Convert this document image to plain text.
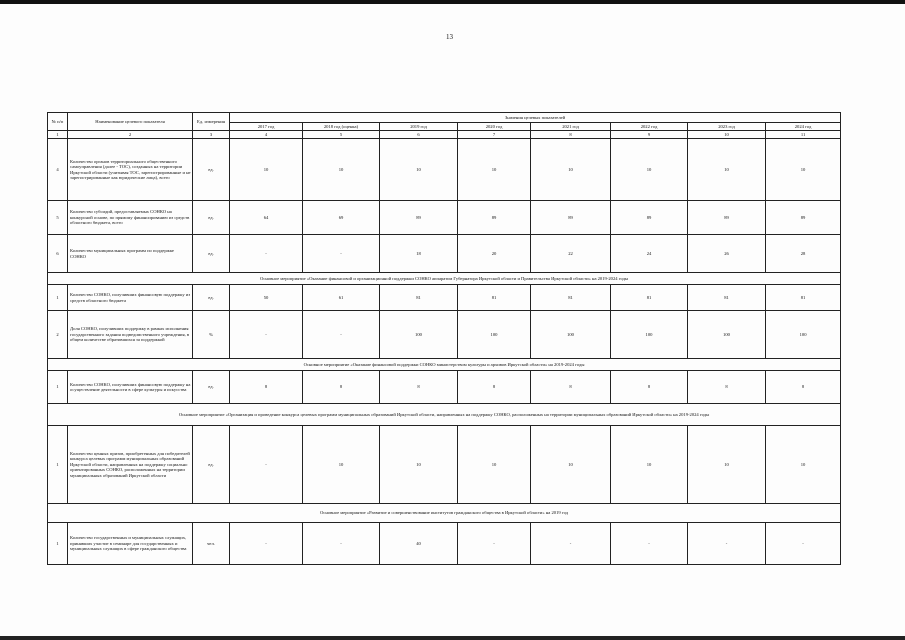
13
№ п/п	Наименование целевого показателя	Ед. измерения	Значения целевых показателей							
			2017 год	2018 год (оценка)	2019 год	2020 год	2021 год	2022 год	2023 год	2024 год
1	2	3	4	5	6	7	8	9	10	11
4	Количество органов территориального общественного самоуправления (далее - ТОС), созданных на территории Иркутской области (учитывая ТОС, зарегистрированные и не зарегистрированные как юридические лица), всего	ед.	10	10	10	10	10	10	10	10
5	Количество субсидий, предоставляемых СОНКО на конкурсной основе, по прямому финансированию из средств областного бюджета, всего	ед.	64	69	89	89	89	89	89	89
6	Количество муниципальных программ по поддержке СОНКО	ед.	-	-	18	20	22	24	26	28
Основное мероприятие «Оказание финансовой и организационной поддержки СОНКО аппаратом Губернатора Иркутской области и Правительства Иркутской области» на 2019-2024 годы										
1	Количество СОНКО, получивших финансовую поддержку из средств областного бюджета	ед.	50	61	81	81	81	81	81	81
2	Доля СОНКО, получивших поддержку в рамках исполнения государственного задания подведомственного учреждения, в общем количестве обратившихся за поддержкой	%	-	-	100	100	100	100	100	100
Основное мероприятие «Оказание финансовой поддержки СОНКО министерством культуры и архивов Иркутской области» на 2019-2024 годы										
1	Количество СОНКО, получивших финансовую поддержку на осуществление деятельности в сфере культуры и искусства	ед.	8	8	8	8	8	8	8	8
Основное мероприятие «Организация и проведение конкурса целевых программ муниципальных образований Иркутской области, направленных на поддержку СОНКО, расположенных на территории муниципальных образований Иркутской области» на 2019-2024 годы										
1	Количество ценных призов, приобретенных для победителей конкурса целевых программ муниципальных образований Иркутской области, направленных на поддержку социально ориентированных СОНКО, расположенных на территории муниципальных образований Иркутской области	ед.	-	10	10	10	10	10	10	10
Основное мероприятие «Развитие и совершенствование институтов гражданского общества в Иркутской области» на 2019 год										
1	Количество государственных и муниципальных служащих, принявших участие в семинаре для государственных и муниципальных служащих в сфере гражданского общества	чел.	-	-	40	-	-	-	-	-
